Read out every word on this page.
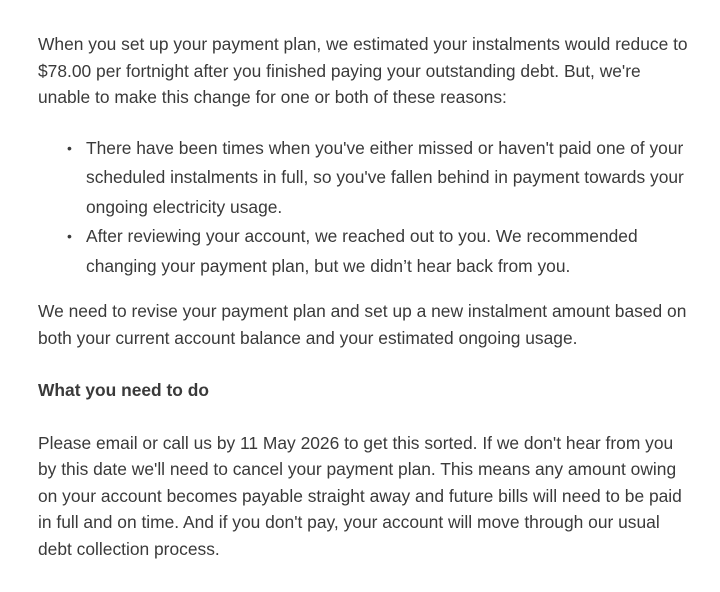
When you set up your payment plan, we estimated your instalments would reduce to $78.00 per fortnight after you finished paying your outstanding debt. But, we're unable to make this change for one or both of these reasons:

• There have been times when you've either missed or haven't paid one of your scheduled instalments in full, so you've fallen behind in payment towards your ongoing electricity usage.
• After reviewing your account, we reached out to you. We recommended changing your payment plan, but we didn’t hear back from you.

We need to revise your payment plan and set up a new instalment amount based on both your current account balance and your estimated ongoing usage.

What you need to do

Please email or call us by 11 May 2026 to get this sorted. If we don't hear from you by this date we'll need to cancel your payment plan. This means any amount owing on your account becomes payable straight away and future bills will need to be paid in full and on time. And if you don't pay, your account will move through our usual debt collection process.
